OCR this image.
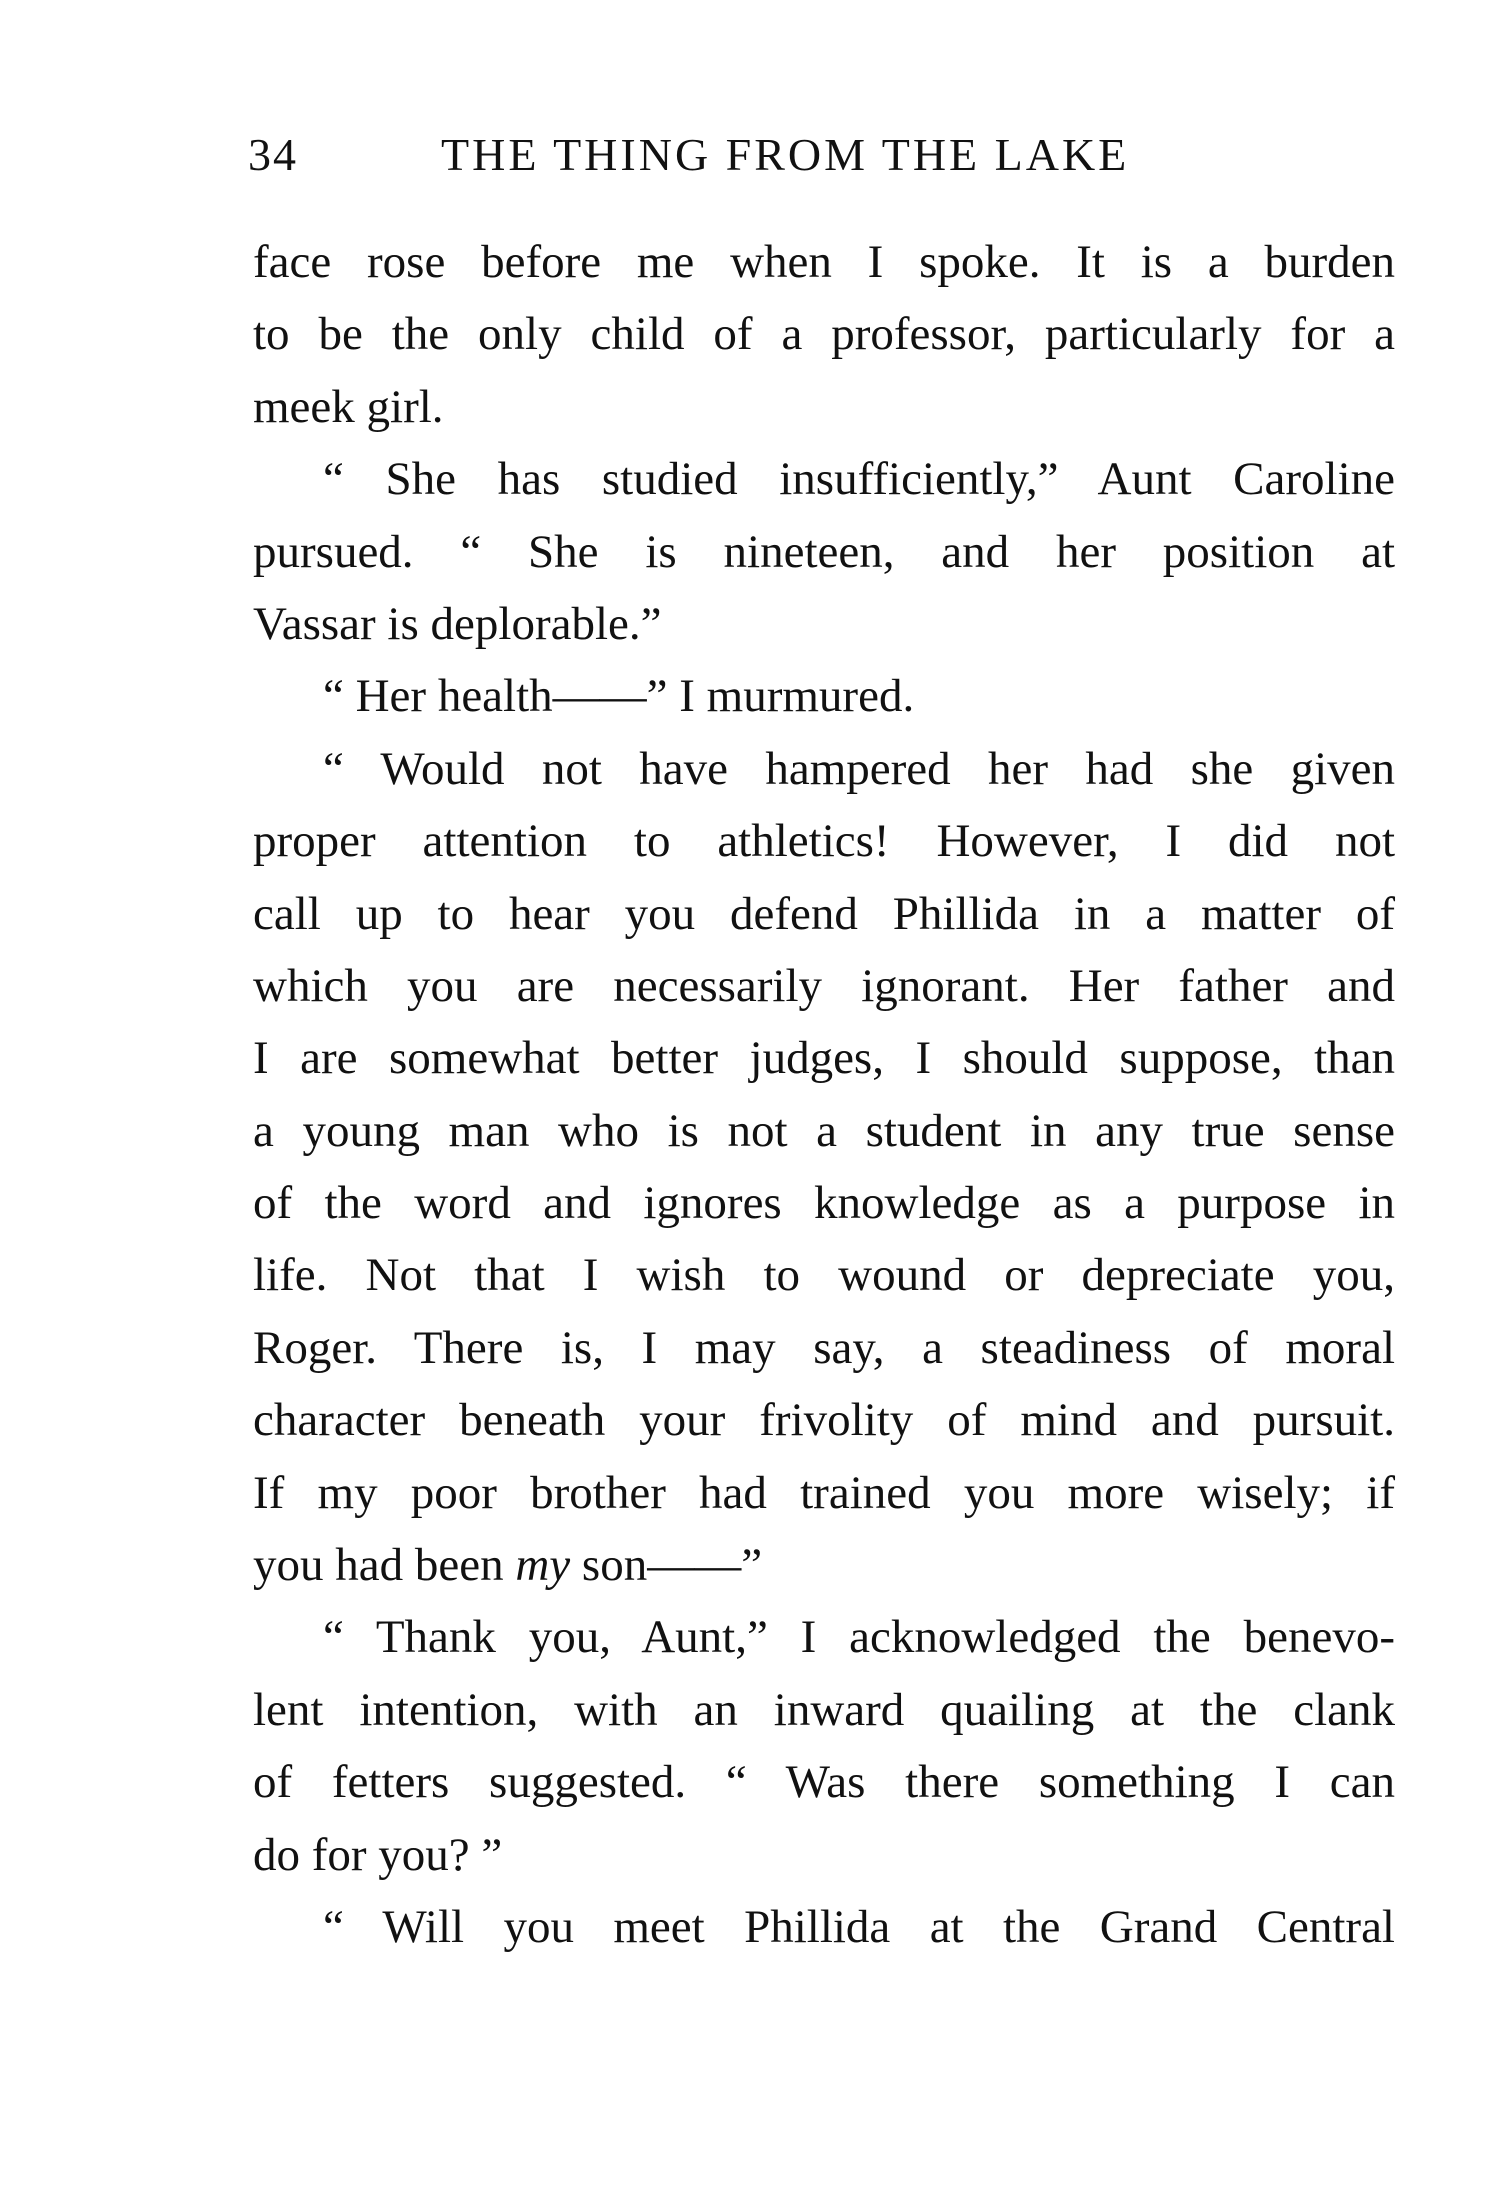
34	THE THING FROM THE LAKE
face rose before me when I spoke. It is a burden
to be the only child of a professor, particularly for a
meek girl.
“ She has studied insufficiently,” Aunt Caroline
pursued. “ She is nineteen, and her position at
Vassar is deplorable.”
“ Her health——” I murmured.
“ Would not have hampered her had she given
proper attention to athletics! However, I did not
call up to hear you defend Phillida in a matter of
which you are necessarily ignorant. Her father and
I are somewhat better judges, I should suppose, than
a young man who is not a student in any true sense
of the word and ignores knowledge as a purpose in
life. Not that I wish to wound or depreciate you,
Roger. There is, I may say, a steadiness of moral
character beneath your frivolity of mind and pursuit.
If my poor brother had trained you more wisely; if
you had been my son——”
“ Thank you, Aunt,” I acknowledged the benevo-
lent intention, with an inward quailing at the clank
of fetters suggested. “ Was there something I can
do for you? ”
“ Will you meet Phillida at the Grand Central
